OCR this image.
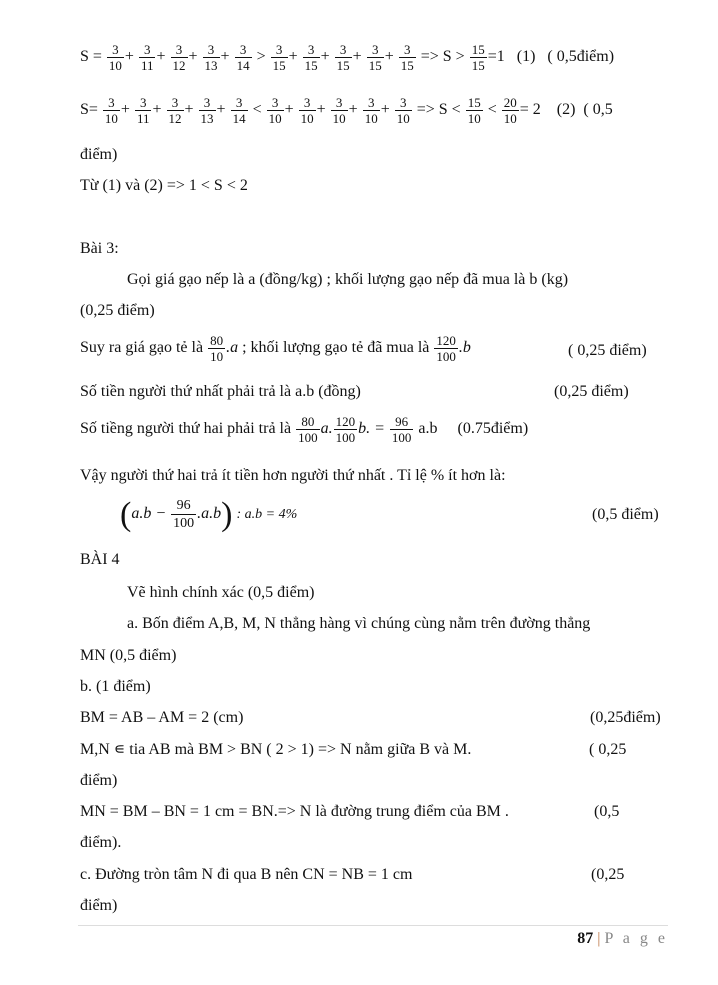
$S = \frac{3}{10} + \frac{3}{11} + \frac{3}{12} + \frac{3}{13} + \frac{3}{14} > \frac{3}{15} + \frac{3}{15} + \frac{3}{15} + \frac{3}{15} + \frac{3}{15} => S > \frac{15}{15} =1$ (1) ( 0,5điểm)
$S= \frac{3}{10} + \frac{3}{11} + \frac{3}{12} + \frac{3}{13} + \frac{3}{14} < \frac{3}{10} + \frac{3}{10} + \frac{3}{10} + \frac{3}{10} + \frac{3}{10} => S < \frac{15}{10} < \frac{20}{10} = 2$ (2) ( 0,5
điểm)
Từ (1) và (2) => 1 < S < 2
Bài 3:
Gọi giá gạo nếp là a (đồng/kg) ; khối lượng gạo nếp đã mua là b (kg)
(0,25 điểm)
Suy ra giá gạo tẻ là $\frac{80}{10} .a$ ; khối lượng gạo tẻ đã mua là $\frac{120}{100} .b$	( 0,25 điểm)
Số tiền người thứ nhất phải trả là a.b (đồng)	(0,25 điểm)
Số tiềng người thứ hai phải trả là $\frac{80}{100} a$. $\frac{120}{100} b$. = $\frac{96}{100} a.b$ (0.75điểm)
Vậy người thứ hai trả ít tiền hơn người thứ nhất . Tỉ lệ % ít hơn là:
$(a.b - \frac{96}{100} .a.b)$ : a.b = 4%	(0,5 điểm)
BÀI 4
Vẽ hình chính xác (0,5 điểm)
a. Bốn điểm A,B, M, N thẳng hàng vì chúng cùng nằm trên đường thẳng
MN (0,5 điểm)
b. (1 điểm)
BM = AB – AM = 2 (cm)	(0,25điểm)
M,N ∊ tia AB mà BM > BN ( 2 > 1) => N nằm giữa B và M.	( 0,25
điểm)
MN = BM – BN = 1 cm = BN.=> N là đường trung điểm của BM .	(0,5
điểm).
c. Đường tròn tâm N đi qua B nên CN = NB = 1 cm	(0,25
điểm)
87 | P a g e
